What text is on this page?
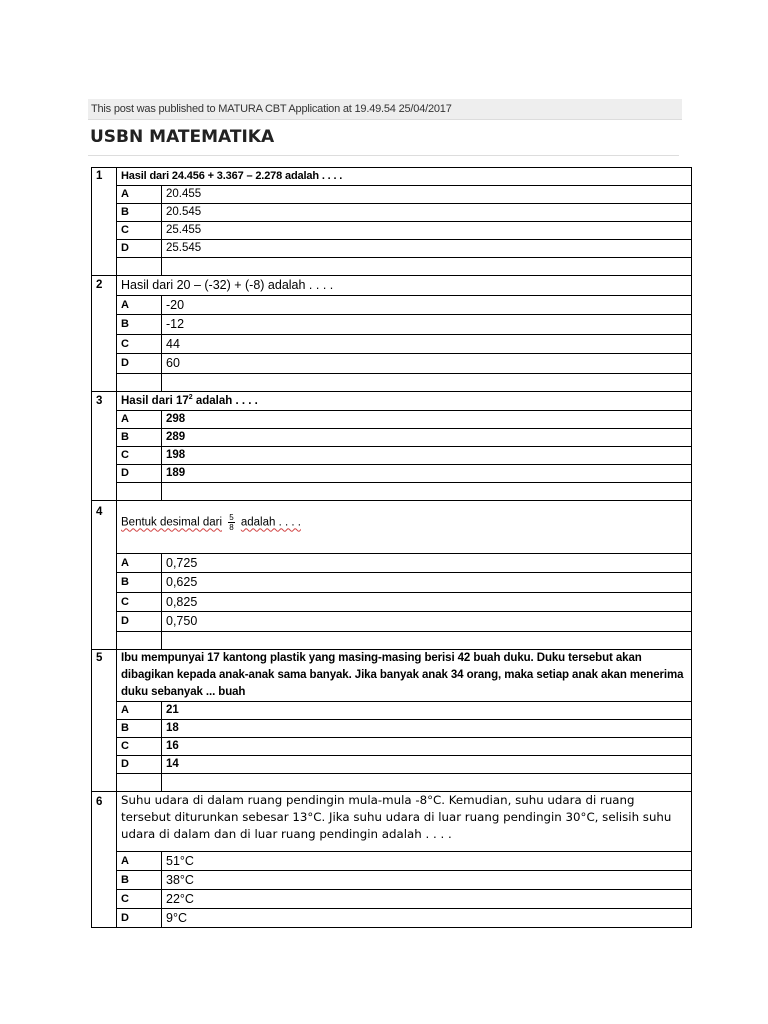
This post was published to MATURA CBT Application at 19.49.54 25/04/2017
USBN MATEMATIKA
1	Hasil dari 24.456 + 3.367 – 2.278 adalah . . . .	
	A	20.455
	B	20.545
	C	25.455
	D	25.545

2	Hasil dari 20 – (-32) + (-8) adalah . . . .	
	A	-20
	B	-12
	C	44
	D	60

3	Hasil dari $17^2$ adalah . . . .	
	A	298
	B	289
	C	198
	D	189

4	Bentuk desimal dari $\frac{5}{8}$ adalah . . . .	

	A	0,725
	B	0,625
	C	0,825
	D	0,750

5	Ibu mempunyai 17 kantong plastik yang masing-masing berisi 42 buah duku. Duku tersebut akan dibagikan kepada anak-anak sama banyak. Jika banyak anak 34 orang, maka setiap anak akan menerima duku sebanyak ... buah	
	A	21
	B	18
	C	16
	D	14

6	Suhu udara di dalam ruang pendingin mula-mula -8°C. Kemudian, suhu udara di ruang tersebut diturunkan sebesar 13°C. Jika suhu udara di luar ruang pendingin 30°C, selisih suhu udara di dalam dan di luar ruang pendingin adalah . . . .	
	A	51°C
	B	38°C
	C	22°C
	D	9°C
